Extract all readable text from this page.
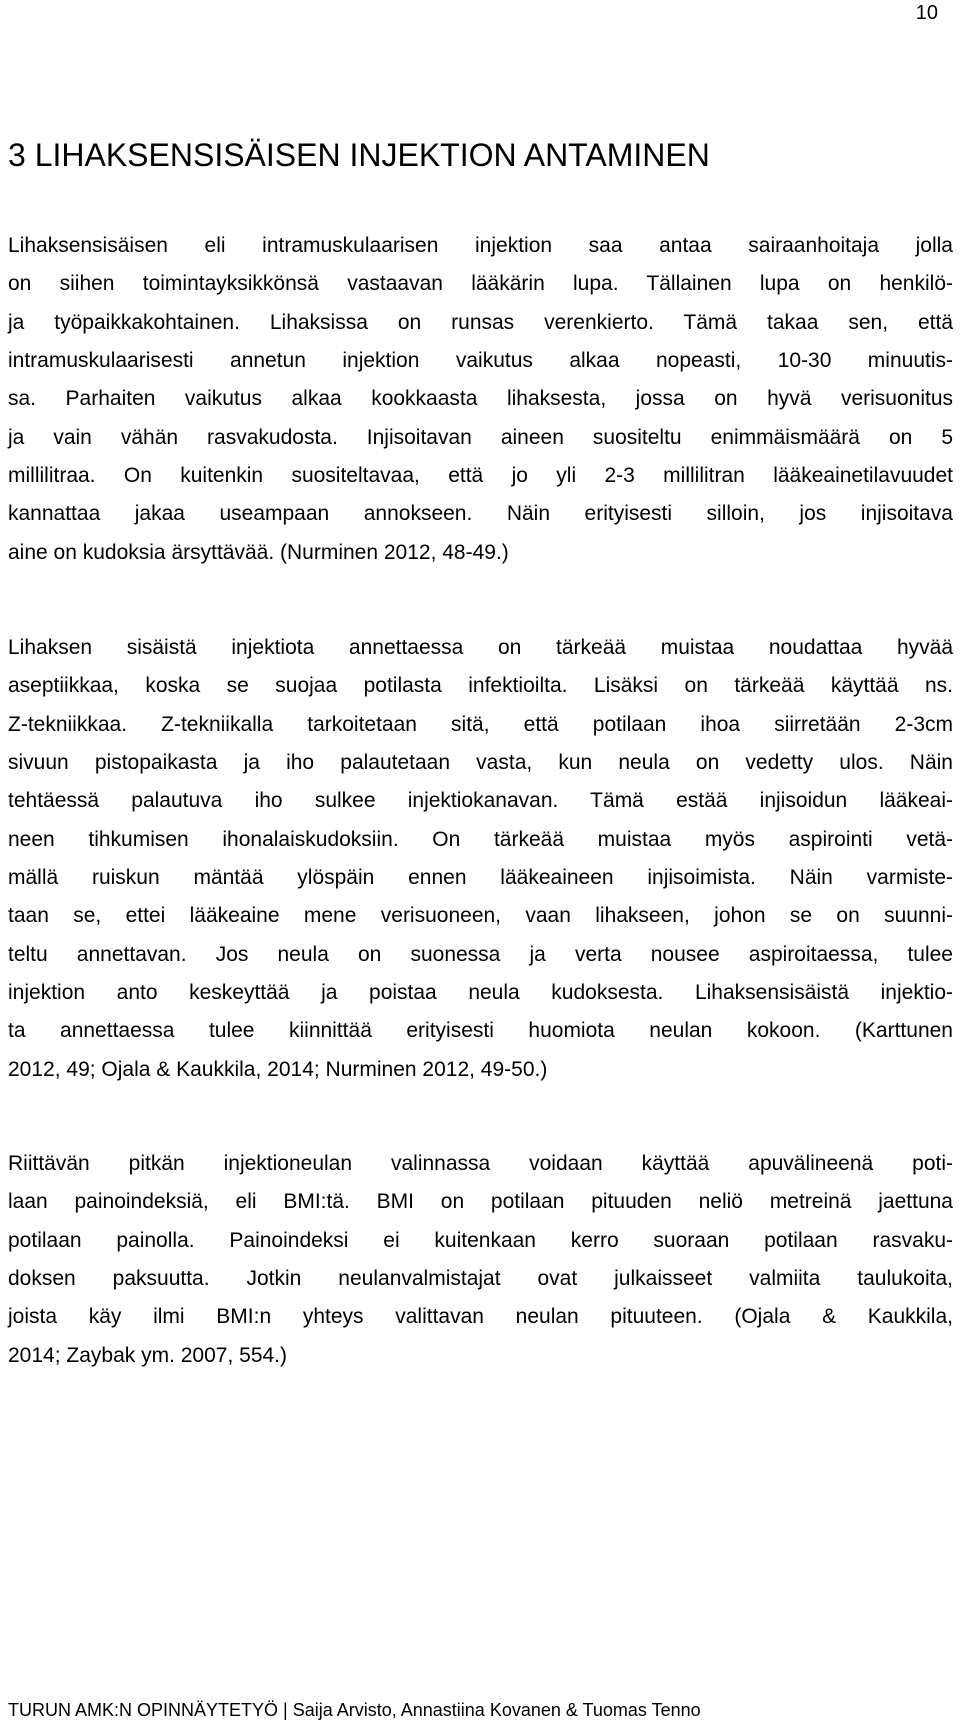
10
3 LIHAKSENSISÄISEN INJEKTION ANTAMINEN
Lihaksensisäisen eli intramuskulaarisen injektion saa antaa sairaanhoitaja jolla
on siihen toimintayksikkönsä vastaavan lääkärin lupa. Tällainen lupa on henkilö-
ja työpaikkakohtainen. Lihaksissa on runsas verenkierto. Tämä takaa sen, että
intramuskulaarisesti annetun injektion vaikutus alkaa nopeasti, 10-30 minuutis-
sa. Parhaiten vaikutus alkaa kookkaasta lihaksesta, jossa on hyvä verisuonitus
ja vain vähän rasvakudosta. Injisoitavan aineen suositeltu enimmäismäärä on 5
millilitraa. On kuitenkin suositeltavaa, että jo yli 2-3 millilitran lääkeainetilavuudet
kannattaa jakaa useampaan annokseen. Näin erityisesti silloin, jos injisoitava
aine on kudoksia ärsyttävää. (Nurminen 2012, 48-49.)
Lihaksen sisäistä injektiota annettaessa on tärkeää muistaa noudattaa hyvää
aseptiikkaa, koska se suojaa potilasta infektioilta. Lisäksi on tärkeää käyttää ns.
Z-tekniikkaa. Z-tekniikalla tarkoitetaan sitä, että potilaan ihoa siirretään 2-3cm
sivuun pistopaikasta ja iho palautetaan vasta, kun neula on vedetty ulos. Näin
tehtäessä palautuva iho sulkee injektiokanavan. Tämä estää injisoidun lääkeai-
neen tihkumisen ihonalaiskudoksiin. On tärkeää muistaa myös aspirointi vetä-
mällä ruiskun mäntää ylöspäin ennen lääkeaineen injisoimista. Näin varmiste-
taan se, ettei lääkeaine mene verisuoneen, vaan lihakseen, johon se on suunni-
teltu annettavan. Jos neula on suonessa ja verta nousee aspiroitaessa, tulee
injektion anto keskeyttää ja poistaa neula kudoksesta. Lihaksensisäistä injektio-
ta annettaessa tulee kiinnittää erityisesti huomiota neulan kokoon. (Karttunen
2012, 49; Ojala & Kaukkila, 2014; Nurminen 2012, 49-50.)
Riittävän pitkän injektioneulan valinnassa voidaan käyttää apuvälineenä poti-
laan painoindeksiä, eli BMI:tä. BMI on potilaan pituuden neliö metreinä jaettuna
potilaan painolla. Painoindeksi ei kuitenkaan kerro suoraan potilaan rasvaku-
doksen paksuutta. Jotkin neulanvalmistajat ovat julkaisseet valmiita taulukoita,
joista käy ilmi BMI:n yhteys valittavan neulan pituuteen. (Ojala & Kaukkila,
2014; Zaybak ym. 2007, 554.)
TURUN AMK:N OPINNÄYTETYÖ | Saija Arvisto, Annastiina Kovanen & Tuomas Tenno
